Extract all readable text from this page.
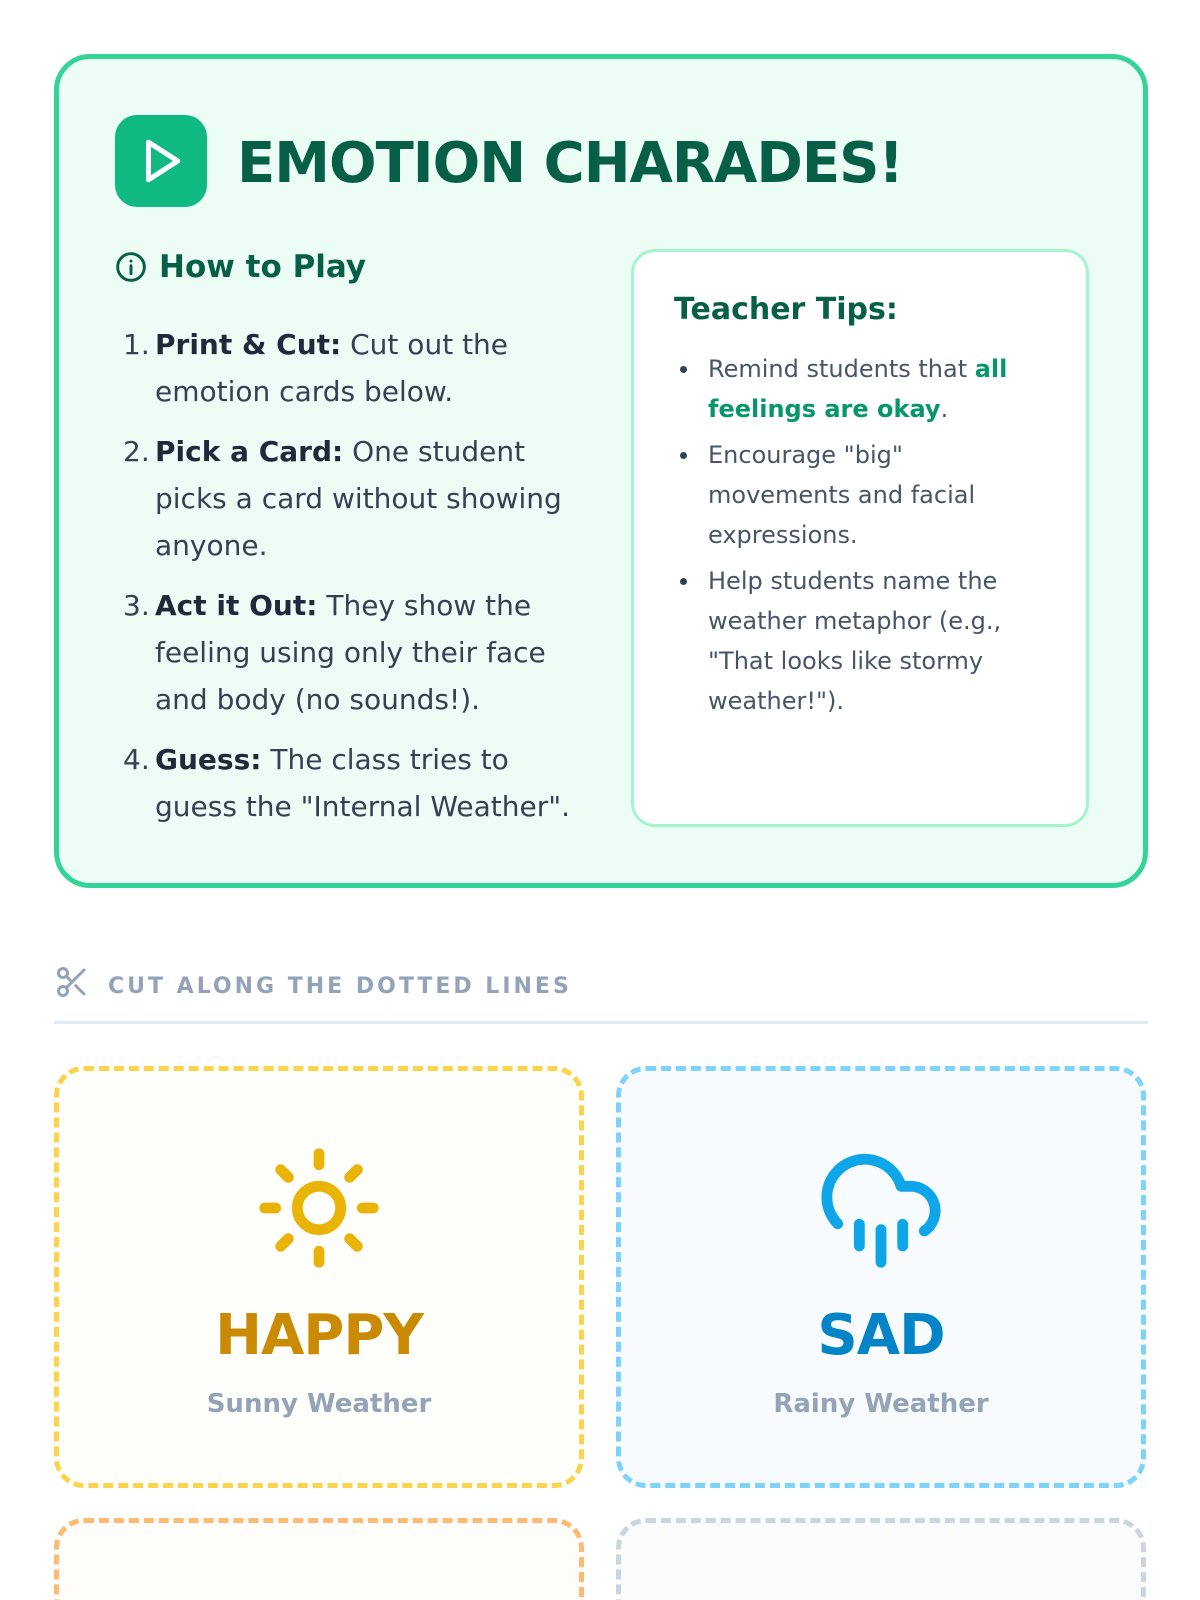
EMOTION CHARADES!
How to Play
1. Print & Cut: Cut out the emotion cards below.
2. Pick a Card: One student picks a card without showing anyone.
3. Act it Out: They show the feeling using only their face and body (no sounds!).
4. Guess: The class tries to guess the "Internal Weather".
Teacher Tips:
Remind students that all feelings are okay.
Encourage "big" movements and facial expressions.
Help students name the weather metaphor (e.g., "That looks like stormy weather!").
CUT ALONG THE DOTTED LINES
HAPPY
Sunny Weather
SAD
Rainy Weather
